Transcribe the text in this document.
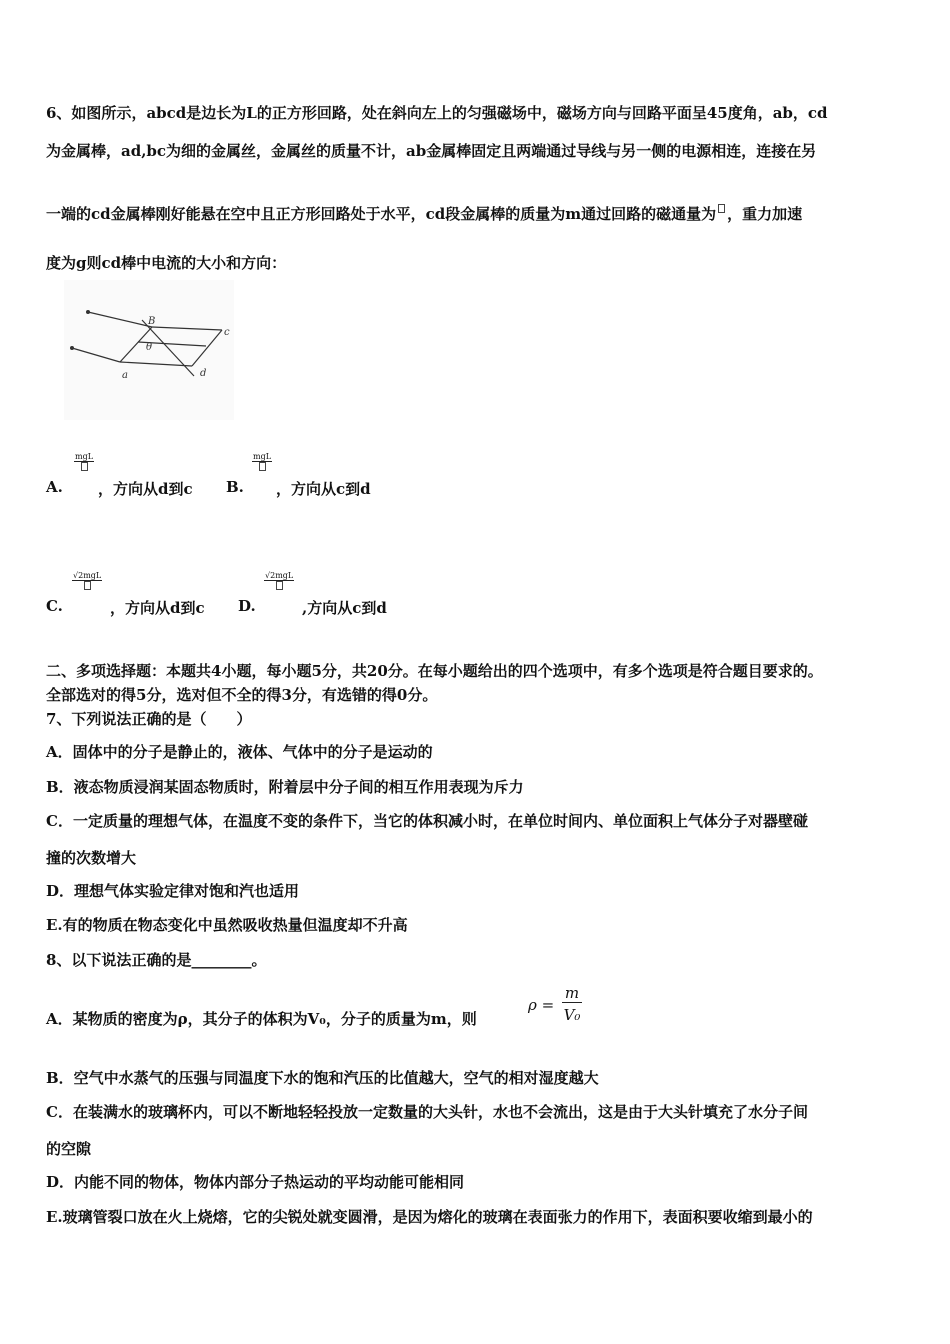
6、如图所示，abcd是边长为L的正方形回路，处在斜向左上的匀强磁场中，磁场方向与回路平面呈45度角，ab，cd
为金属棒，ad,bc为细的金属丝，金属丝的质量不计，ab金属棒固定且两端通过导线与另一侧的电源相连，连接在另
一端的cd金属棒刚好能悬在空中且正方形回路处于水平，cd段金属棒的质量为m通过回路的磁通量为 ，重力加速
度为g则cd棒中电流的大小和方向：
B
c
θ
a	d
A.
mgL
，方向从d到c B.
mgL
，方向从c到d
C.
√2mgL
，方向从d到c D.
√2mgL
,方向从c到d
二、多项选择题：本题共4小题，每小题5分，共20分。在每小题给出的四个选项中，有多个选项是符合题目要求的。
全部选对的得5分，选对但不全的得3分，有选错的得0分。
7、下列说法正确的是（　　）
A．固体中的分子是静止的，液体、气体中的分子是运动的
B．液态物质浸润某固态物质时，附着层中分子间的相互作用表现为斥力
C．一定质量的理想气体，在温度不变的条件下，当它的体积减小时，在单位时间内、单位面积上气体分子对器壁碰
撞的次数增大
D．理想气体实验定律对饱和汽也适用
E.有的物质在物态变化中虽然吸收热量但温度却不升高
8、以下说法正确的是________。
A．某物质的密度为ρ，其分子的体积为V₀，分子的质量为m，则
ρ =
m
V₀
B．空气中水蒸气的压强与同温度下水的饱和汽压的比值越大，空气的相对湿度越大
C．在装满水的玻璃杯内，可以不断地轻轻投放一定数量的大头针，水也不会流出，这是由于大头针填充了水分子间
的空隙
D．内能不同的物体，物体内部分子热运动的平均动能可能相同
E.玻璃管裂口放在火上烧熔，它的尖锐处就变圆滑，是因为熔化的玻璃在表面张力的作用下，表面积要收缩到最小的
